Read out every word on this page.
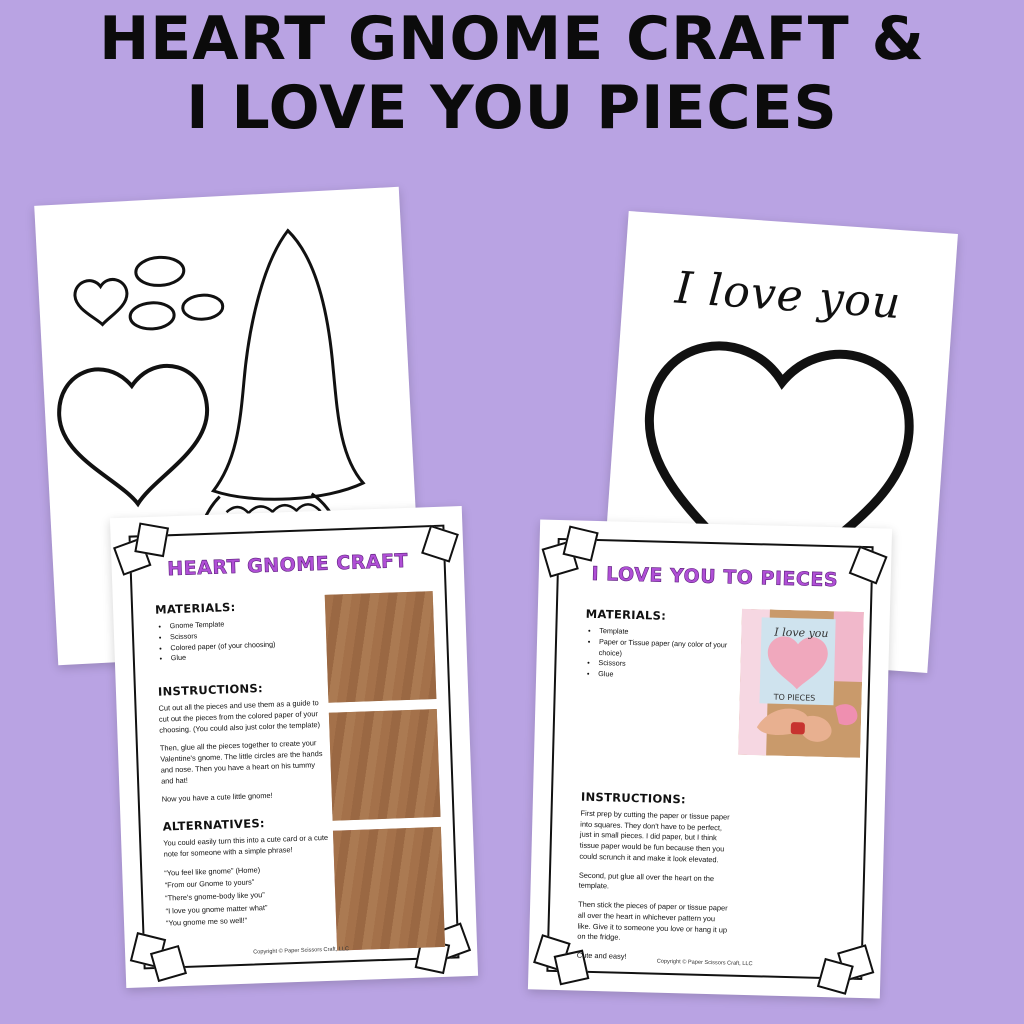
HEART GNOME CRAFT &
I LOVE YOU PIECES
I love you
HEART GNOME CRAFT
MATERIALS:
• Gnome Template
• Scissors
• Colored paper (of your choosing)
• Glue
INSTRUCTIONS:

Cut out all the pieces and use them as a guide to cut out the pieces from the colored paper of your choosing. (You could also just color the template)

Then, glue all the pieces together to create your Valentine's gnome. The little circles are the hands and nose. Then you have a heart on his tummy and hat!

Now you have a cute little gnome!

ALTERNATIVES:

You could easily turn this into a cute card or a cute note for someone with a simple phrase!

“You feel like gnome” (Home)

“From our Gnome to yours”

“There's gnome-body like you”

“I love you gnome matter what”

“You gnome me so well!”

Copyright © Paper Scissors Craft, LLC
I LOVE YOU TO PIECES
MATERIALS:
• Template
• Paper or Tissue paper (any color of your choice)
• Scissors
• Glue
INSTRUCTIONS:

First prep by cutting the paper or tissue paper into squares. They don't have to be perfect, just in small pieces. I did paper, but I think tissue paper would be fun because then you could scrunch it and make it look elevated.

Second, put glue all over the heart on the template.

Then stick the pieces of paper or tissue paper all over the heart in whichever pattern you like. Give it to someone you love or hang it up on the fridge.

Cute and easy!

I love you
TO PIECES
Copyright © Paper Scissors Craft, LLC
